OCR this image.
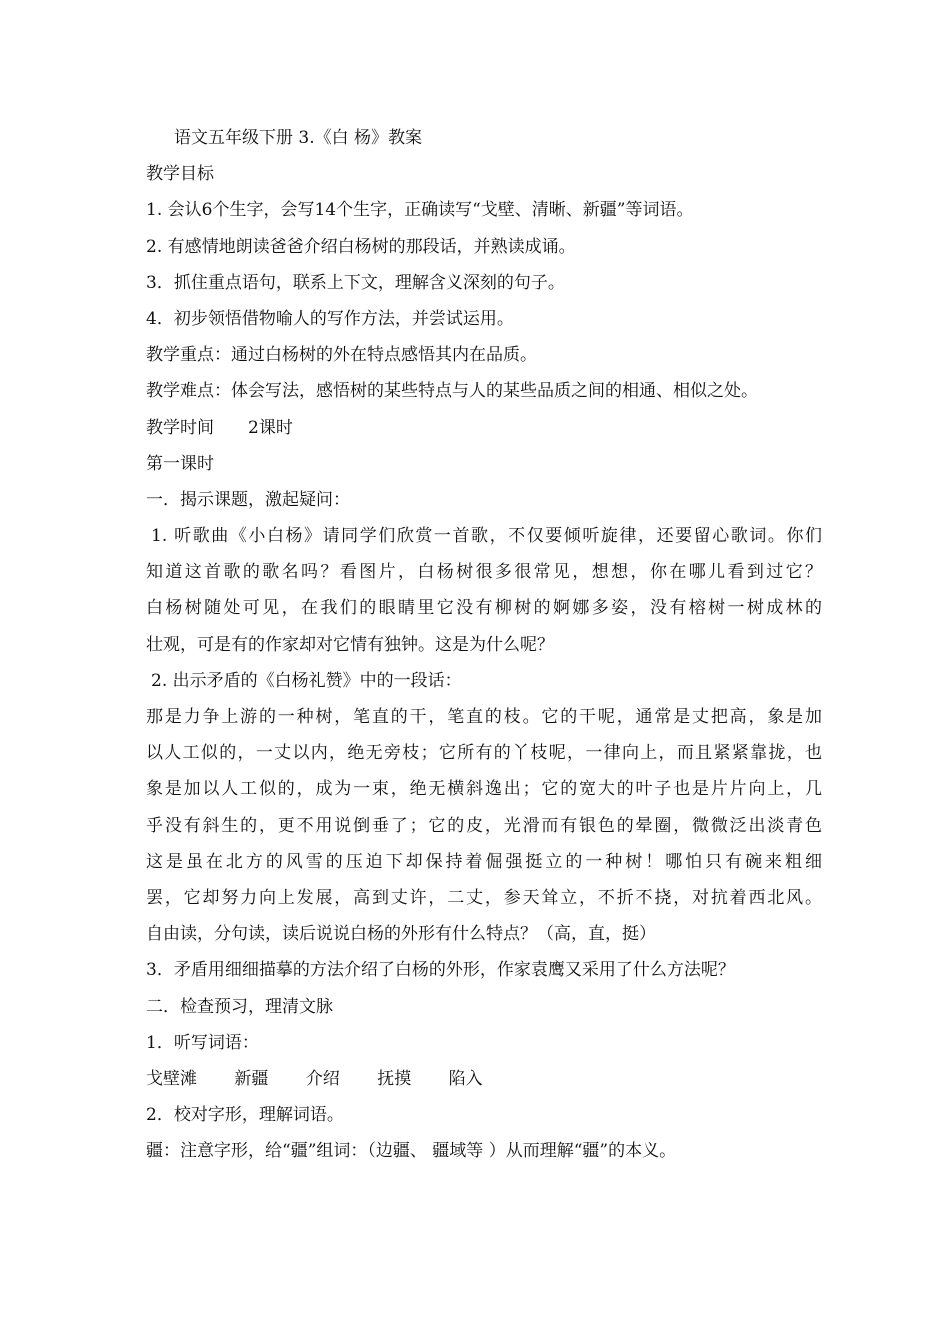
语文五年级下册 3.《白 杨》教案
教学目标
1. 会认6个生字，会写14个生字，正确读写“戈壁、清晰、新疆”等词语。
2. 有感情地朗读爸爸介绍白杨树的那段话，并熟读成诵。
3．抓住重点语句，联系上下文，理解含义深刻的句子。
4．初步领悟借物喻人的写作方法，并尝试运用。
教学重点：通过白杨树的外在特点感悟其内在品质。
教学难点：体会写法，感悟树的某些特点与人的某些品质之间的相通、相似之处。
教学时间　　2课时
第一课时
一．揭示课题，激起疑问：
1. 听歌曲《小白杨》请同学们欣赏一首歌，不仅要倾听旋律，还要留心歌词。你们
知道这首歌的歌名吗？看图片，白杨树很多很常见，想想，你在哪儿看到过它？
白杨树随处可见，在我们的眼睛里它没有柳树的婀娜多姿，没有榕树一树成林的
壮观，可是有的作家却对它情有独钟。这是为什么呢？
2. 出示矛盾的《白杨礼赞》中的一段话：
那是力争上游的一种树，笔直的干，笔直的枝。它的干呢，通常是丈把高，象是加
以人工似的，一丈以内，绝无旁枝；它所有的丫枝呢，一律向上，而且紧紧靠拢，也
象是加以人工似的，成为一束，绝无横斜逸出；它的宽大的叶子也是片片向上，几
乎没有斜生的，更不用说倒垂了；它的皮，光滑而有银色的晕圈，微微泛出淡青色
这是虽在北方的风雪的压迫下却保持着倔强挺立的一种树！哪怕只有碗来粗细
罢，它却努力向上发展，高到丈许，二丈，参天耸立，不折不挠，对抗着西北风。
自由读，分句读，读后说说白杨的外形有什么特点？（高，直，挺）
3．矛盾用细细描摹的方法介绍了白杨的外形，作家袁鹰又采用了什么方法呢？
二．检查预习，理清文脉
1．听写词语：
戈壁滩 新疆 介绍 抚摸 陷入
2．校对字形，理解词语。
疆：注意字形，给“疆”组词：（边疆、 疆域等 ）从而理解“疆”的本义。
